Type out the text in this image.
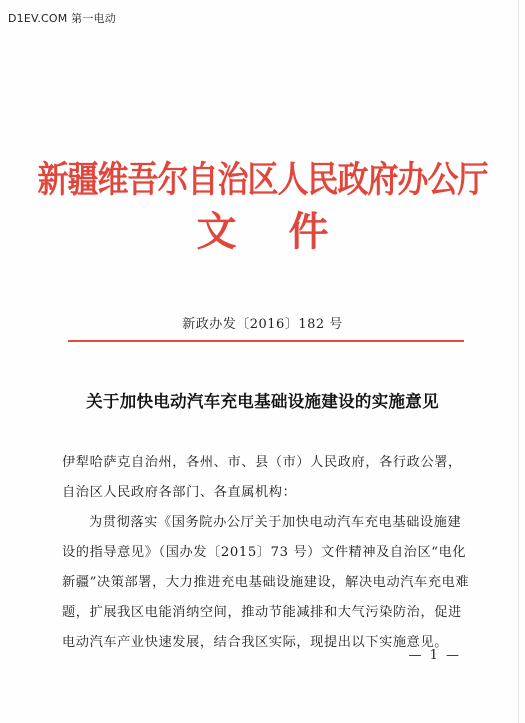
D1EV.COM 第一电动
新疆维吾尔自治区人民政府办公厅
文件
新政办发〔2016〕182 号
关于加快电动汽车充电基础设施建设的实施意见

伊犁哈萨克自治州，各州、市、县（市）人民政府，各行政公署，自治区人民政府各部门、各直属机构：

为贯彻落实《国务院办公厅关于加快电动汽车充电基础设施建设的指导意见》（国办发〔2015〕73 号）文件精神及自治区“电化新疆”决策部署，大力推进充电基础设施建设，解决电动汽车充电难题，扩展我区电能消纳空间，推动节能减排和大气污染防治，促进电动汽车产业快速发展，结合我区实际，现提出以下实施意见。

— 1 —
